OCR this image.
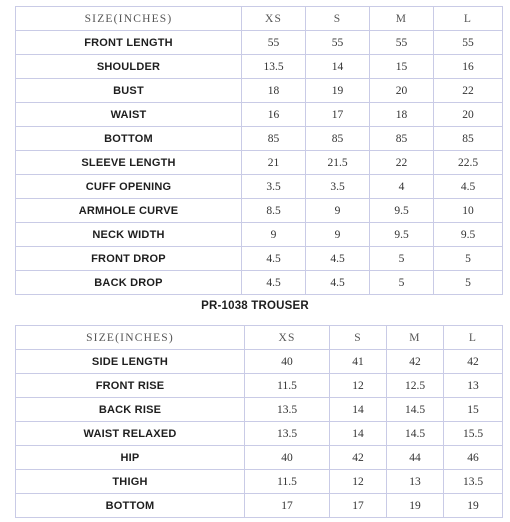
SIZE(INCHES)	XS	S	M	L
FRONT LENGTH	55	55	55	55
SHOULDER	13.5	14	15	16
BUST	18	19	20	22
WAIST	16	17	18	20
BOTTOM	85	85	85	85
SLEEVE LENGTH	21	21.5	22	22.5
CUFF OPENING	3.5	3.5	4	4.5
ARMHOLE CURVE	8.5	9	9.5	10
NECK WIDTH	9	9	9.5	9.5
FRONT DROP	4.5	4.5	5	5
BACK DROP	4.5	4.5	5	5
PR-1038 TROUSER
SIZE(INCHES)	XS	S	M	L
SIDE LENGTH	40	41	42	42
FRONT RISE	11.5	12	12.5	13
BACK RISE	13.5	14	14.5	15
WAIST RELAXED	13.5	14	14.5	15.5
HIP	40	42	44	46
THIGH	11.5	12	13	13.5
BOTTOM	17	17	19	19
